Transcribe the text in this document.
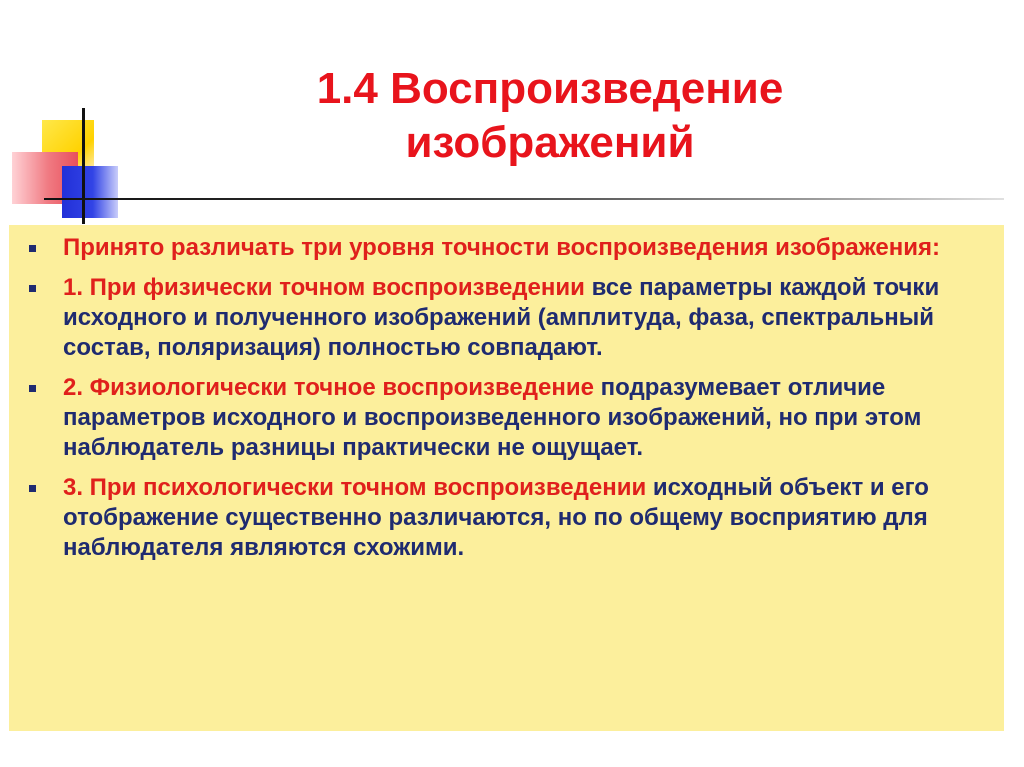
1.4 Воспроизведение
изображений
Принято различать три уровня точности воспроизведения изображения:
1. При физически точном воспроизведении все параметры каждой точки исходного и полученного изображений (амплитуда, фаза, спектральный состав, поляризация) полностью совпадают.
2. Физиологически точное воспроизведение подразумевает отличие параметров исходного и воспроизведенного изображений, но при этом наблюдатель разницы практически не ощущает.
3. При психологически точном воспроизведении исходный объект и его отображение существенно различаются, но по общему восприятию для наблюдателя являются схожими.
